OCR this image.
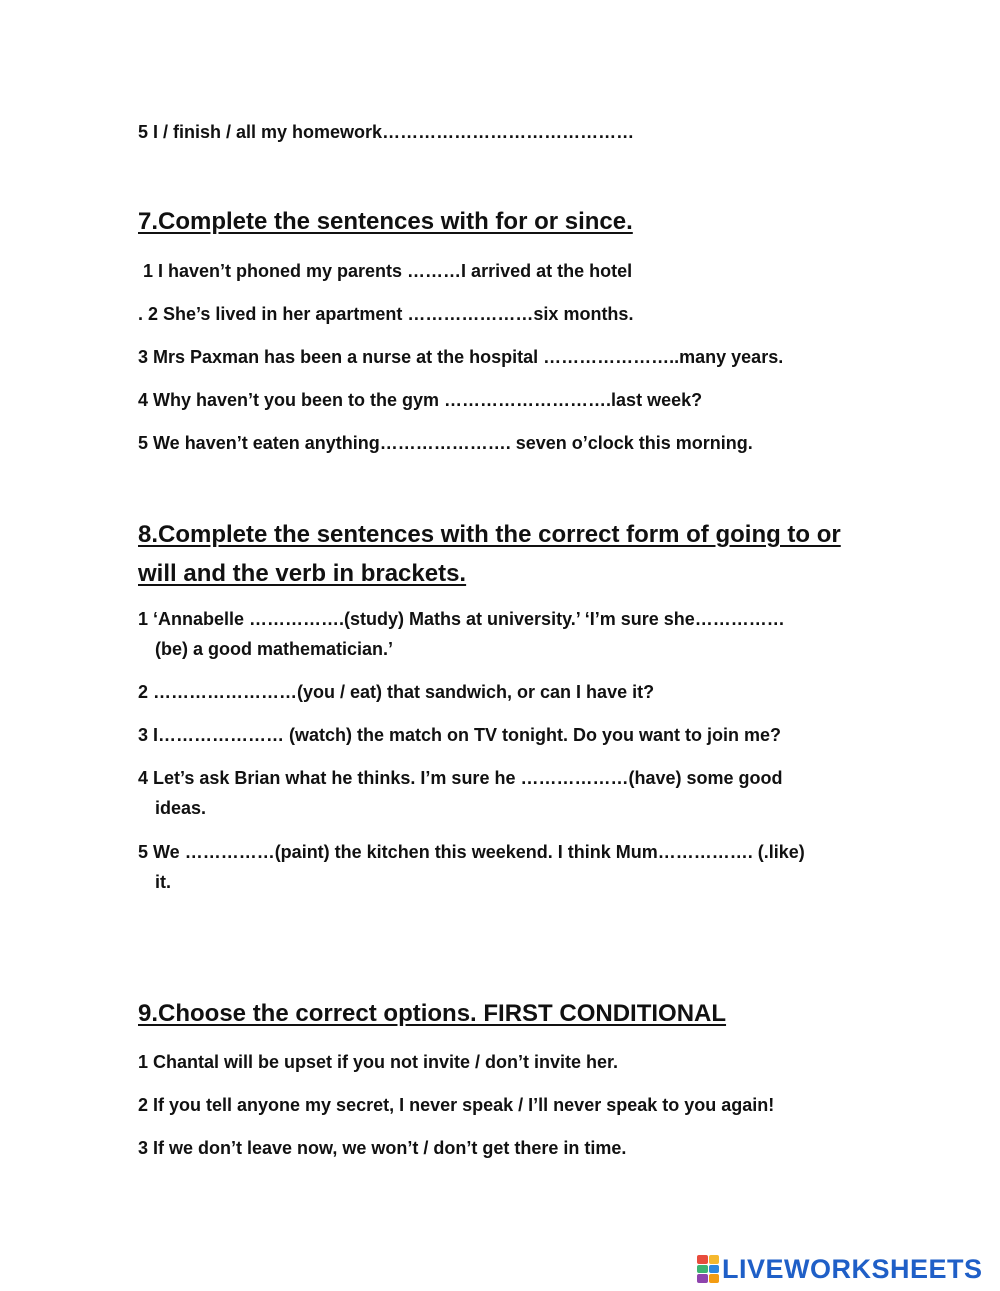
5 I / finish / all my homework……………………………………
7.Complete the sentences with for or since.
1 I haven’t phoned my parents ………I arrived at the hotel
. 2 She’s lived in her apartment …………………six months.
3 Mrs Paxman has been a nurse at the hospital …………………..many years.
4 Why haven’t you been to the gym ……………………….last week?
5 We haven’t eaten anything…………………. seven o’clock this morning.
8.Complete the sentences with the correct form of going to or will and the verb in brackets.
1 ‘Annabelle …………….(study) Maths at university.’ ‘I’m sure she……………
(be) a good mathematician.’
2 ……………………(you / eat) that sandwich, or can I have it?
3 I………………… (watch) the match on TV tonight. Do you want to join me?
4 Let’s ask Brian what he thinks. I’m sure he ………………(have) some good
ideas.
5 We ……………(paint) the kitchen this weekend. I think Mum……………. (.like)
it.
9.Choose the correct options. FIRST CONDITIONAL
1 Chantal will be upset if you not invite / don’t invite her.
2 If you tell anyone my secret, I never speak / I’ll never speak to you again!
3 If we don’t leave now, we won’t / don’t get there in time.
LIVEWORKSHEETS
